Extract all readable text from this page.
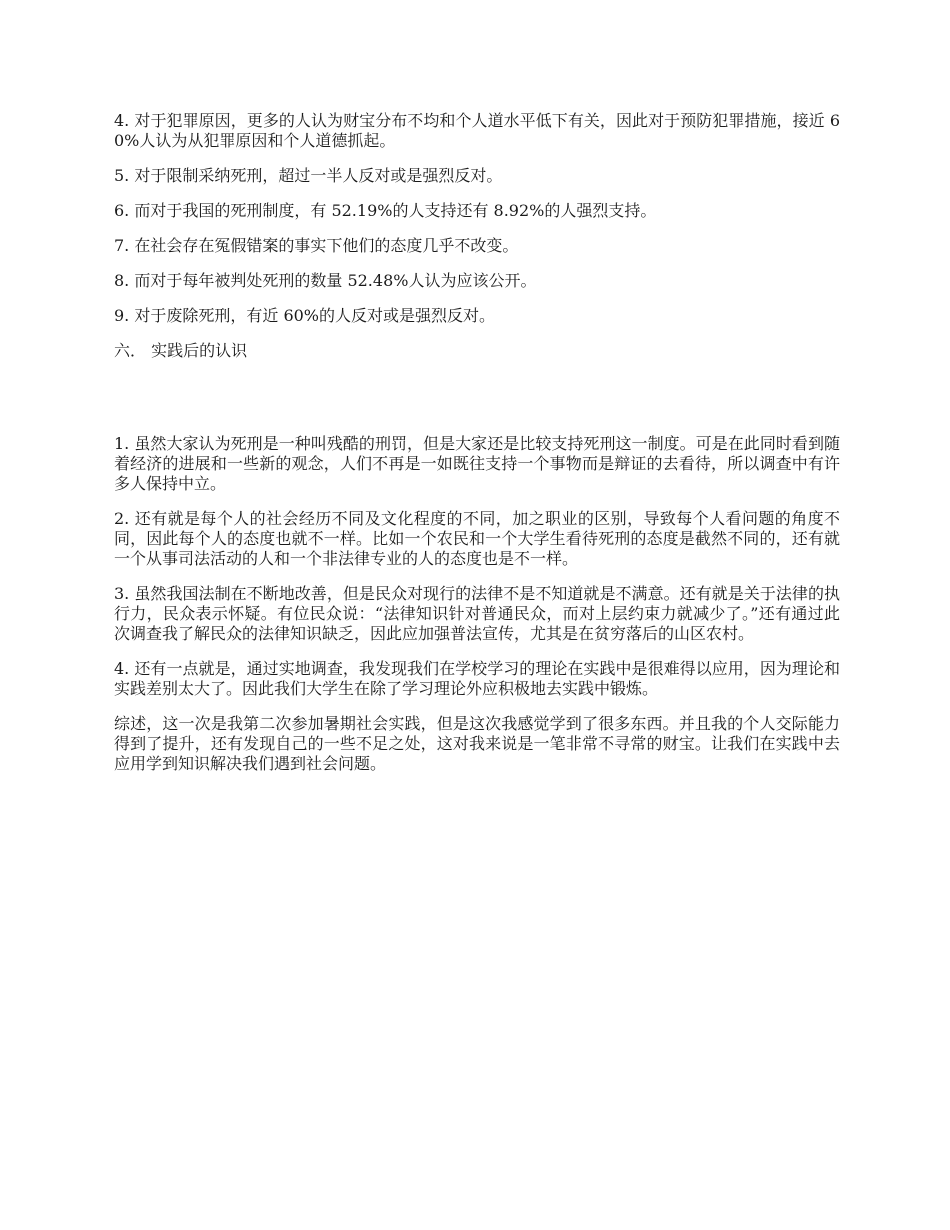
4. 对于犯罪原因，更多的人认为财宝分布不均和个人道水平低下有关，因此对于预防犯罪措施，接近 60%人认为从犯罪原因和个人道德抓起。

5. 对于限制采纳死刑，超过一半人反对或是强烈反对。

6. 而对于我国的死刑制度，有 52.19%的人支持还有 8.92%的人强烈支持。

7. 在社会存在冤假错案的事实下他们的态度几乎不改变。

8. 而对于每年被判处死刑的数量 52.48%人认为应该公开。

9. 对于废除死刑，有近 60%的人反对或是强烈反对。

六． 实践后的认识

1. 虽然大家认为死刑是一种叫残酷的刑罚，但是大家还是比较支持死刑这一制度。可是在此同时看到随着经济的进展和一些新的观念，人们不再是一如既往支持一个事物而是辩证的去看待，所以调查中有许多人保持中立。

2. 还有就是每个人的社会经历不同及文化程度的不同，加之职业的区别，导致每个人看问题的角度不同，因此每个人的态度也就不一样。比如一个农民和一个大学生看待死刑的态度是截然不同的，还有就一个从事司法活动的人和一个非法律专业的人的态度也是不一样。

3. 虽然我国法制在不断地改善，但是民众对现行的法律不是不知道就是不满意。还有就是关于法律的执行力，民众表示怀疑。有位民众说：“法律知识针对普通民众，而对上层约束力就减少了。”还有通过此次调查我了解民众的法律知识缺乏，因此应加强普法宣传，尤其是在贫穷落后的山区农村。

4. 还有一点就是，通过实地调查，我发现我们在学校学习的理论在实践中是很难得以应用，因为理论和实践差别太大了。因此我们大学生在除了学习理论外应积极地去实践中锻炼。

综述，这一次是我第二次参加暑期社会实践，但是这次我感觉学到了很多东西。并且我的个人交际能力得到了提升，还有发现自己的一些不足之处，这对我来说是一笔非常不寻常的财宝。让我们在实践中去应用学到知识解决我们遇到社会问题。
